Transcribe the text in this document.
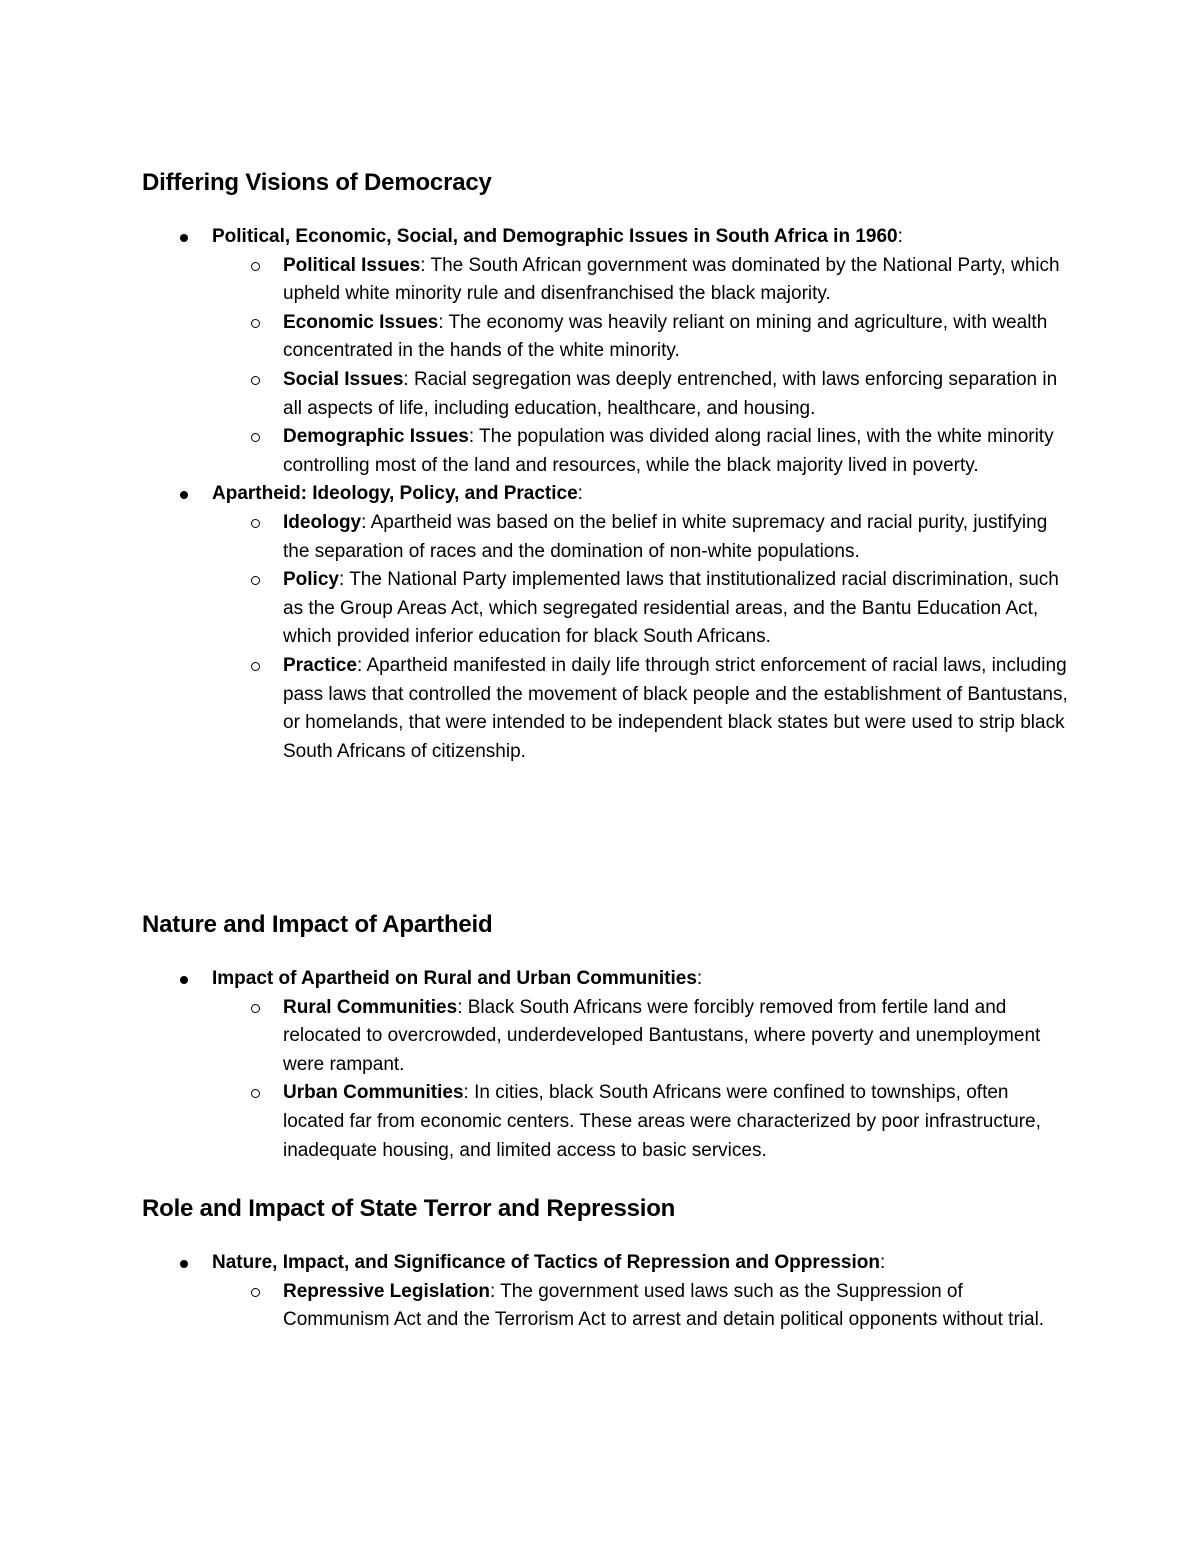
Differing Visions of Democracy
Political, Economic, Social, and Demographic Issues in South Africa in 1960:
Political Issues: The South African government was dominated by the National Party, which upheld white minority rule and disenfranchised the black majority.
Economic Issues: The economy was heavily reliant on mining and agriculture, with wealth concentrated in the hands of the white minority.
Social Issues: Racial segregation was deeply entrenched, with laws enforcing separation in all aspects of life, including education, healthcare, and housing.
Demographic Issues: The population was divided along racial lines, with the white minority controlling most of the land and resources, while the black majority lived in poverty.
Apartheid: Ideology, Policy, and Practice:
Ideology: Apartheid was based on the belief in white supremacy and racial purity, justifying the separation of races and the domination of non-white populations.
Policy: The National Party implemented laws that institutionalized racial discrimination, such as the Group Areas Act, which segregated residential areas, and the Bantu Education Act, which provided inferior education for black South Africans.
Practice: Apartheid manifested in daily life through strict enforcement of racial laws, including pass laws that controlled the movement of black people and the establishment of Bantustans, or homelands, that were intended to be independent black states but were used to strip black South Africans of citizenship.
Nature and Impact of Apartheid
Impact of Apartheid on Rural and Urban Communities:
Rural Communities: Black South Africans were forcibly removed from fertile land and relocated to overcrowded, underdeveloped Bantustans, where poverty and unemployment were rampant.
Urban Communities: In cities, black South Africans were confined to townships, often located far from economic centers. These areas were characterized by poor infrastructure, inadequate housing, and limited access to basic services.
Role and Impact of State Terror and Repression
Nature, Impact, and Significance of Tactics of Repression and Oppression:
Repressive Legislation: The government used laws such as the Suppression of Communism Act and the Terrorism Act to arrest and detain political opponents without trial.
